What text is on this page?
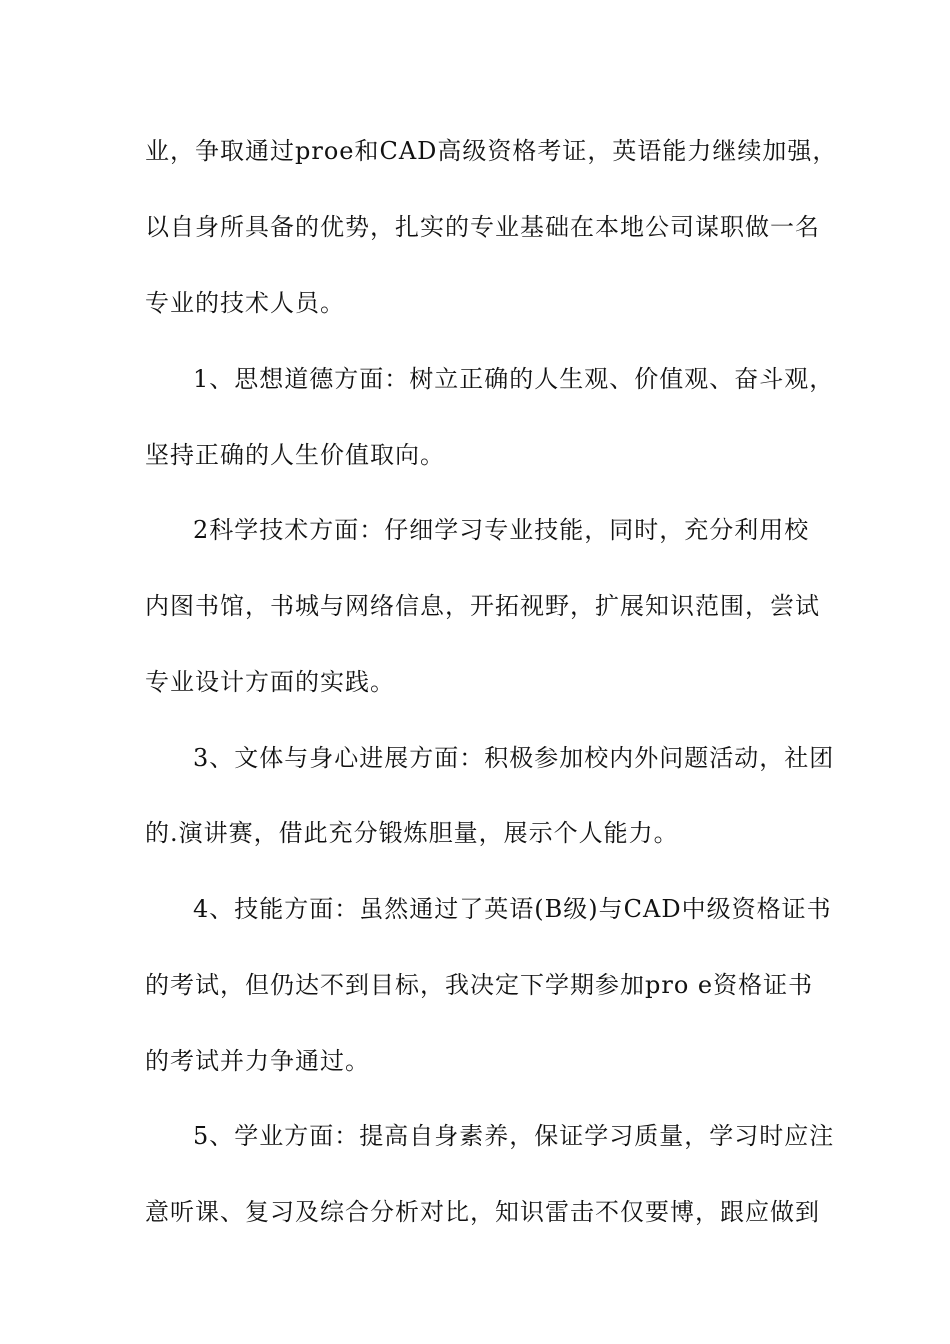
业，争取通过proe和CAD高级资格考证，英语能力继续加强，
以自身所具备的优势，扎实的专业基础在本地公司谋职做一名
专业的技术人员。
1、思想道德方面：树立正确的人生观、价值观、奋斗观，
坚持正确的人生价值取向。
2科学技术方面：仔细学习专业技能，同时，充分利用校
内图书馆，书城与网络信息，开拓视野，扩展知识范围，尝试
专业设计方面的实践。
3、文体与身心进展方面：积极参加校内外问题活动，社团
的.演讲赛，借此充分锻炼胆量，展示个人能力。
4、技能方面：虽然通过了英语(B级)与CAD中级资格证书
的考试，但仍达不到目标，我决定下学期参加pro e资格证书
的考试并力争通过。
5、学业方面：提高自身素养，保证学习质量，学习时应注
意听课、复习及综合分析对比，知识雷击不仅要博，跟应做到
